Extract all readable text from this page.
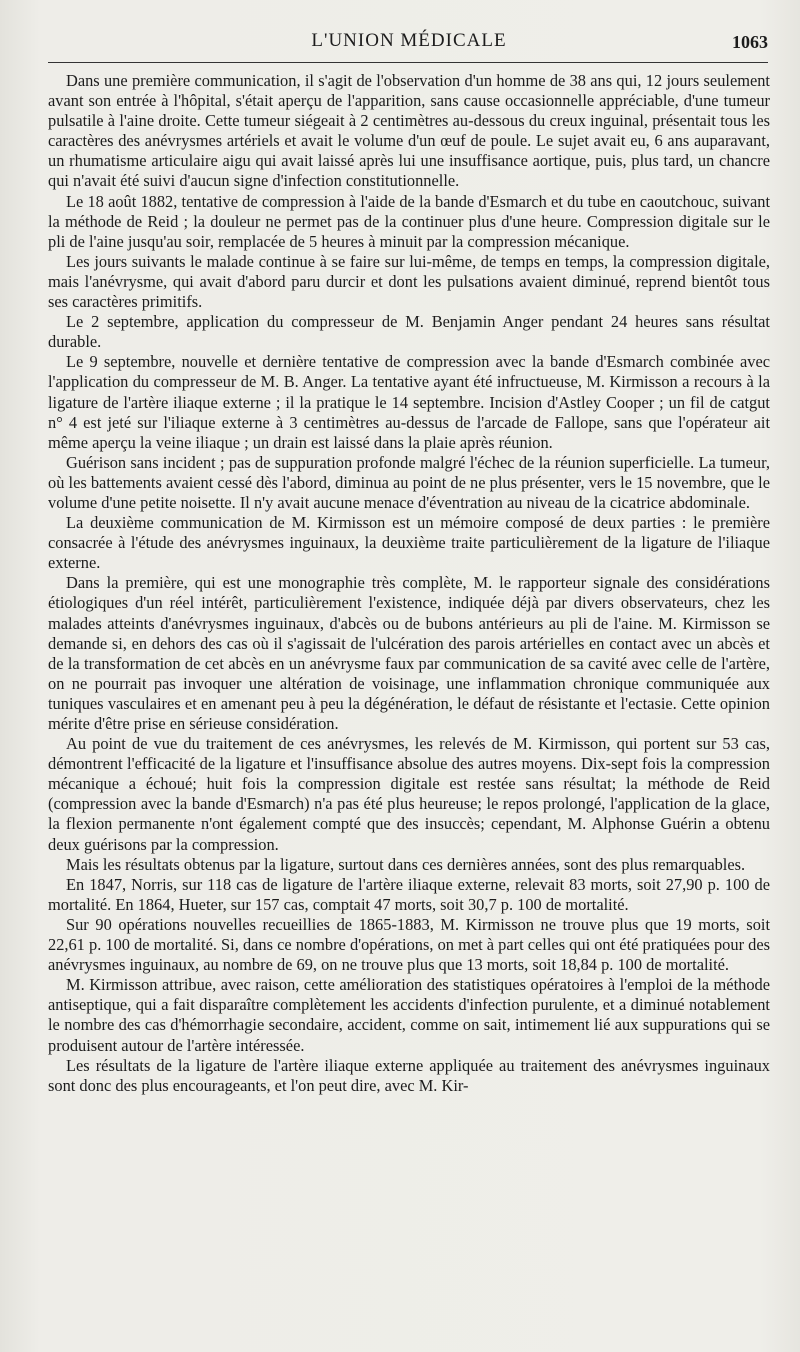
L'UNION MÉDICALE	1063

Dans une première communication, il s'agit de l'observation d'un homme de 38 ans qui, 12 jours seulement avant son entrée à l'hôpital, s'était aperçu de l'apparition, sans cause occasionnelle appréciable, d'une tumeur pulsatile à l'aine droite. Cette tumeur siégeait à 2 centimètres au-dessous du creux inguinal, présentait tous les caractères des anévrysmes artériels et avait le volume d'un œuf de poule. Le sujet avait eu, 6 ans auparavant, un rhumatisme articulaire aigu qui avait laissé après lui une insuffisance aortique, puis, plus tard, un chancre qui n'avait été suivi d'aucun signe d'infection constitutionnelle.

Le 18 août 1882, tentative de compression à l'aide de la bande d'Esmarch et du tube en caoutchouc, suivant la méthode de Reid ; la douleur ne permet pas de la continuer plus d'une heure. Compression digitale sur le pli de l'aine jusqu'au soir, remplacée de 5 heures à minuit par la compression mécanique.

Les jours suivants le malade continue à se faire sur lui-même, de temps en temps, la compression digitale, mais l'anévrysme, qui avait d'abord paru durcir et dont les pulsations avaient diminué, reprend bientôt tous ses caractères primitifs.

Le 2 septembre, application du compresseur de M. Benjamin Anger pendant 24 heures sans résultat durable.

Le 9 septembre, nouvelle et dernière tentative de compression avec la bande d'Esmarch combinée avec l'application du compresseur de M. B. Anger. La tentative ayant été infructueuse, M. Kirmisson a recours à la ligature de l'artère iliaque externe ; il la pratique le 14 septembre. Incision d'Astley Cooper ; un fil de catgut n° 4 est jeté sur l'iliaque externe à 3 centimètres au-dessus de l'arcade de Fallope, sans que l'opérateur ait même aperçu la veine iliaque ; un drain est laissé dans la plaie après réunion.

Guérison sans incident ; pas de suppuration profonde malgré l'échec de la réunion superficielle. La tumeur, où les battements avaient cessé dès l'abord, diminua au point de ne plus présenter, vers le 15 novembre, que le volume d'une petite noisette. Il n'y avait aucune menace d'éventration au niveau de la cicatrice abdominale.

La deuxième communication de M. Kirmisson est un mémoire composé de deux parties : le première consacrée à l'étude des anévrysmes inguinaux, la deuxième traite particulièrement de la ligature de l'iliaque externe.

Dans la première, qui est une monographie très complète, M. le rapporteur signale des considérations étiologiques d'un réel intérêt, particulièrement l'existence, indiquée déjà par divers observateurs, chez les malades atteints d'anévrysmes inguinaux, d'abcès ou de bubons antérieurs au pli de l'aine. M. Kirmisson se demande si, en dehors des cas où il s'agissait de l'ulcération des parois artérielles en contact avec un abcès et de la transformation de cet abcès en un anévrysme faux par communication de sa cavité avec celle de l'artère, on ne pourrait pas invoquer une altération de voisinage, une inflammation chronique communiquée aux tuniques vasculaires et en amenant peu à peu la dégénération, le défaut de résistante et l'ectasie. Cette opinion mérite d'être prise en sérieuse considération.

Au point de vue du traitement de ces anévrysmes, les relevés de M. Kirmisson, qui portent sur 53 cas, démontrent l'efficacité de la ligature et l'insuffisance absolue des autres moyens. Dix-sept fois la compression mécanique a échoué; huit fois la compression digitale est restée sans résultat; la méthode de Reid (compression avec la bande d'Esmarch) n'a pas été plus heureuse; le repos prolongé, l'application de la glace, la flexion permanente n'ont également compté que des insuccès; cependant, M. Alphonse Guérin a obtenu deux guérisons par la compression.

Mais les résultats obtenus par la ligature, surtout dans ces dernières années, sont des plus remarquables.

En 1847, Norris, sur 118 cas de ligature de l'artère iliaque externe, relevait 83 morts, soit 27,90 p. 100 de mortalité. En 1864, Hueter, sur 157 cas, comptait 47 morts, soit 30,7 p. 100 de mortalité.

Sur 90 opérations nouvelles recueillies de 1865-1883, M. Kirmisson ne trouve plus que 19 morts, soit 22,61 p. 100 de mortalité. Si, dans ce nombre d'opérations, on met à part celles qui ont été pratiquées pour des anévrysmes inguinaux, au nombre de 69, on ne trouve plus que 13 morts, soit 18,84 p. 100 de mortalité.

M. Kirmisson attribue, avec raison, cette amélioration des statistiques opératoires à l'emploi de la méthode antiseptique, qui a fait disparaître complètement les accidents d'infection purulente, et a diminué notablement le nombre des cas d'hémorrhagie secondaire, accident, comme on sait, intimement lié aux suppurations qui se produisent autour de l'artère intéressée.

Les résultats de la ligature de l'artère iliaque externe appliquée au traitement des anévrysmes inguinaux sont donc des plus encourageants, et l'on peut dire, avec M. Kir-
